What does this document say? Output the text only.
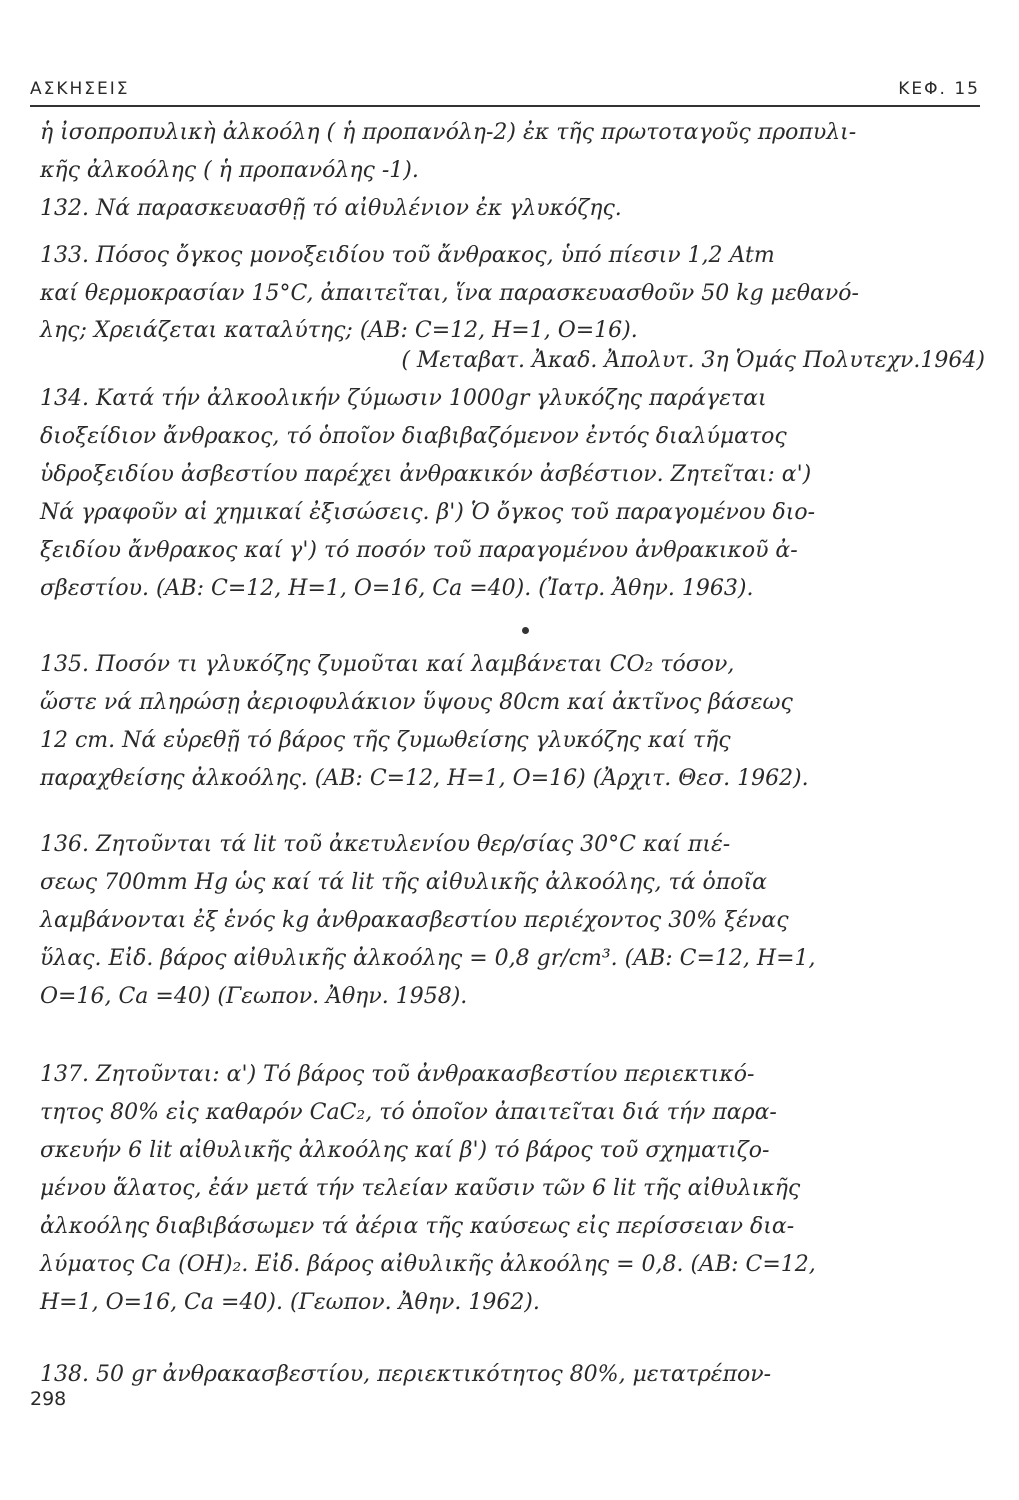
ΑΣΚΗΣΕΙΣ	ΚΕΦ. 15
ἡ ἰσοπροπυλικὴ ἀλκοόλη ( ἡ προπανόλη-2) ἐκ τῆς πρωτοταγοῦς προπυλι-
κῆς ἀλκοόλης ( ἡ προπανόλης -1).
132. Νά παρασκευασθῇ τό αἰθυλένιον ἐκ γλυκόζης.
133. Πόσος ὄγκος μονοξειδίου τοῦ ἄνθρακος, ὑπό πίεσιν 1,2 Atm
καί θερμοκρασίαν 15°C, ἀπαιτεῖται, ἵνα παρασκευασθοῦν 50 kg μεθανό-
λης; Χρειάζεται καταλύτης; (AB: C=12, H=1, O=16).
( Μεταβατ. Ἀκαδ. Ἀπολυτ. 3η Ὁμάς Πολυτεχν.1964)
134. Κατά τήν ἀλκοολικήν ζύμωσιν 1000gr γλυκόζης παράγεται
διοξείδιον ἄνθρακος, τό ὁποῖον διαβιβαζόμενον ἐντός διαλύματος
ὑδροξειδίου ἀσβεστίου παρέχει ἀνθρακικόν ἀσβέστιον. Ζητεῖται: α')
Νά γραφοῦν αἱ χημικαί ἐξισώσεις. β') Ὁ ὄγκος τοῦ παραγομένου διο-
ξειδίου ἄνθρακος καί γ') τό ποσόν τοῦ παραγομένου ἀνθρακικοῦ ἀ-
σβεστίου. (AB: C=12, H=1, O=16, Ca =40). (Ἰατρ. Ἀθην. 1963).
135. Ποσόν τι γλυκόζης ζυμοῦται καί λαμβάνεται CO₂ τόσον,
ὥστε νά πληρώσῃ ἀεριοφυλάκιον ὕψους 80cm καί ἀκτῖνος βάσεως
12 cm. Νά εὑρεθῇ τό βάρος τῆς ζυμωθείσης γλυκόζης καί τῆς
παραχθείσης ἀλκοόλης. (AB: C=12, H=1, O=16) (Ἀρχιτ. Θεσ. 1962).
136. Ζητοῦνται τά lit τοῦ ἀκετυλενίου θερ/σίας 30°C καί πιέ-
σεως 700mm Hg ὡς καί τά lit τῆς αἰθυλικῆς ἀλκοόλης, τά ὁποῖα
λαμβάνονται ἐξ ἑνός kg ἀνθρακασβεστίου περιέχοντος 30% ξένας
ὕλας. Εἰδ. βάρος αἰθυλικῆς ἀλκοόλης = 0,8 gr/cm³. (AB: C=12, H=1,
O=16, Ca =40) (Γεωπον. Ἀθην. 1958).
137. Ζητοῦνται: α') Τό βάρος τοῦ ἀνθρακασβεστίου περιεκτικό-
τητος 80% εἰς καθαρόν CaC₂, τό ὁποῖον ἀπαιτεῖται διά τήν παρα-
σκευήν 6 lit αἰθυλικῆς ἀλκοόλης καί β') τό βάρος τοῦ σχηματιζο-
μένου ἅλατος, ἐάν μετά τήν τελείαν καῦσιν τῶν 6 lit τῆς αἰθυλικῆς
ἀλκοόλης διαβιβάσωμεν τά ἀέρια τῆς καύσεως εἰς περίσσειαν δια-
λύματος Ca (OH)₂. Εἰδ. βάρος αἰθυλικῆς ἀλκοόλης = 0,8. (AB: C=12,
H=1, O=16, Ca =40). (Γεωπον. Ἀθην. 1962).
138. 50 gr ἀνθρακασβεστίου, περιεκτικότητος 80%, μετατρέπον-
298
